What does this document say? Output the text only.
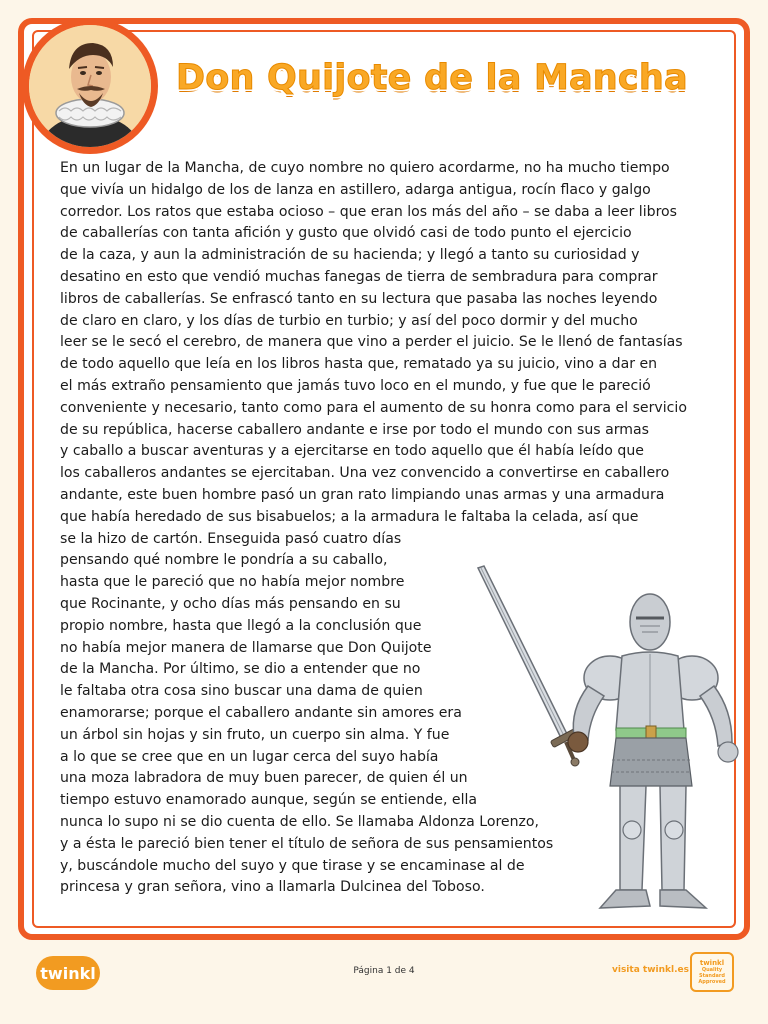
Don Quijote de la Mancha
En un lugar de la Mancha, de cuyo nombre no quiero acordarme, no ha mucho tiempo
que vivía un hidalgo de los de lanza en astillero, adarga antigua, rocín flaco y galgo
corredor. Los ratos que estaba ocioso – que eran los más del año – se daba a leer libros
de caballerías con tanta afición y gusto que olvidó casi de todo punto el ejercicio
de la caza, y aun la administración de su hacienda; y llegó a tanto su curiosidad y
desatino en esto que vendió muchas fanegas de tierra de sembradura para comprar
libros de caballerías. Se enfrascó tanto en su lectura que pasaba las noches leyendo
de claro en claro, y los días de turbio en turbio; y así del poco dormir y del mucho
leer se le secó el cerebro, de manera que vino a perder el juicio. Se le llenó de fantasías
de todo aquello que leía en los libros hasta que, rematado ya su juicio, vino a dar en
el más extraño pensamiento que jamás tuvo loco en el mundo, y fue que le pareció
conveniente y necesario, tanto como para el aumento de su honra como para el servicio
de su república, hacerse caballero andante e irse por todo el mundo con sus armas
y caballo a buscar aventuras y a ejercitarse en todo aquello que él había leído que
los caballeros andantes se ejercitaban. Una vez convencido a convertirse en caballero
andante, este buen hombre pasó un gran rato limpiando unas armas y una armadura
que había heredado de sus bisabuelos; a la armadura le faltaba la celada, así que
se la hizo de cartón. Enseguida pasó cuatro días
pensando qué nombre le pondría a su caballo,
hasta que le pareció que no había mejor nombre
que Rocinante, y ocho días más pensando en su
propio nombre, hasta que llegó a la conclusión que
no había mejor manera de llamarse que Don Quijote
de la Mancha. Por último, se dio a entender que no
le faltaba otra cosa sino buscar una dama de quien
enamorarse; porque el caballero andante sin amores era
un árbol sin hojas y sin fruto, un cuerpo sin alma. Y fue
a lo que se cree que en un lugar cerca del suyo había
una moza labradora de muy buen parecer, de quien él un
tiempo estuvo enamorado aunque, según se entiende, ella
nunca lo supo ni se dio cuenta de ello. Se llamaba Aldonza Lorenzo,
y a ésta le pareció bien tener el título de señora de sus pensamientos
y, buscándole mucho del suyo y que tirase y se encaminase al de
princesa y gran señora, vino a llamarla Dulcinea del Toboso.
twinkl	Página 1 de 4	visita twinkl.es
twinkl
Quality Standard
Approved
